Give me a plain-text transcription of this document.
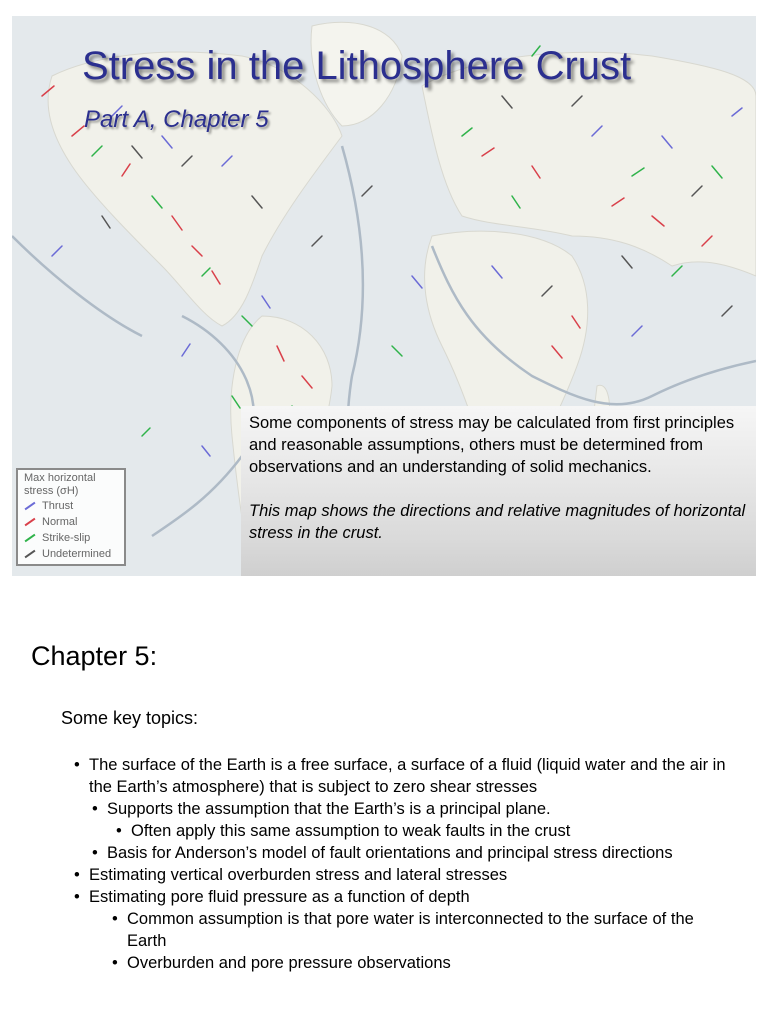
Stress in the Lithosphere Crust
Part A, Chapter 5
Max horizontal
stress (σH)
Thrust
Normal
Strike-slip
Undetermined

Some components of stress may be calculated from first principles and reasonable assumptions, others must be determined from observations and an understanding of solid mechanics.

This map shows the directions and relative magnitudes of horizontal stress in the crust.

Chapter 5:

Some key topics:

• The surface of the Earth is a free surface, a surface of a fluid (liquid water and the air in the Earth’s atmosphere) that is subject to zero shear stresses
• Supports the assumption that the Earth’s is a principal plane.
• Often apply this same assumption to weak faults in the crust
• Basis for Anderson’s model of fault orientations and principal stress directions
• Estimating vertical overburden stress and lateral stresses
• Estimating pore fluid pressure as a function of depth
• Common assumption is that pore water is interconnected to the surface of the Earth
• Overburden and pore pressure observations
